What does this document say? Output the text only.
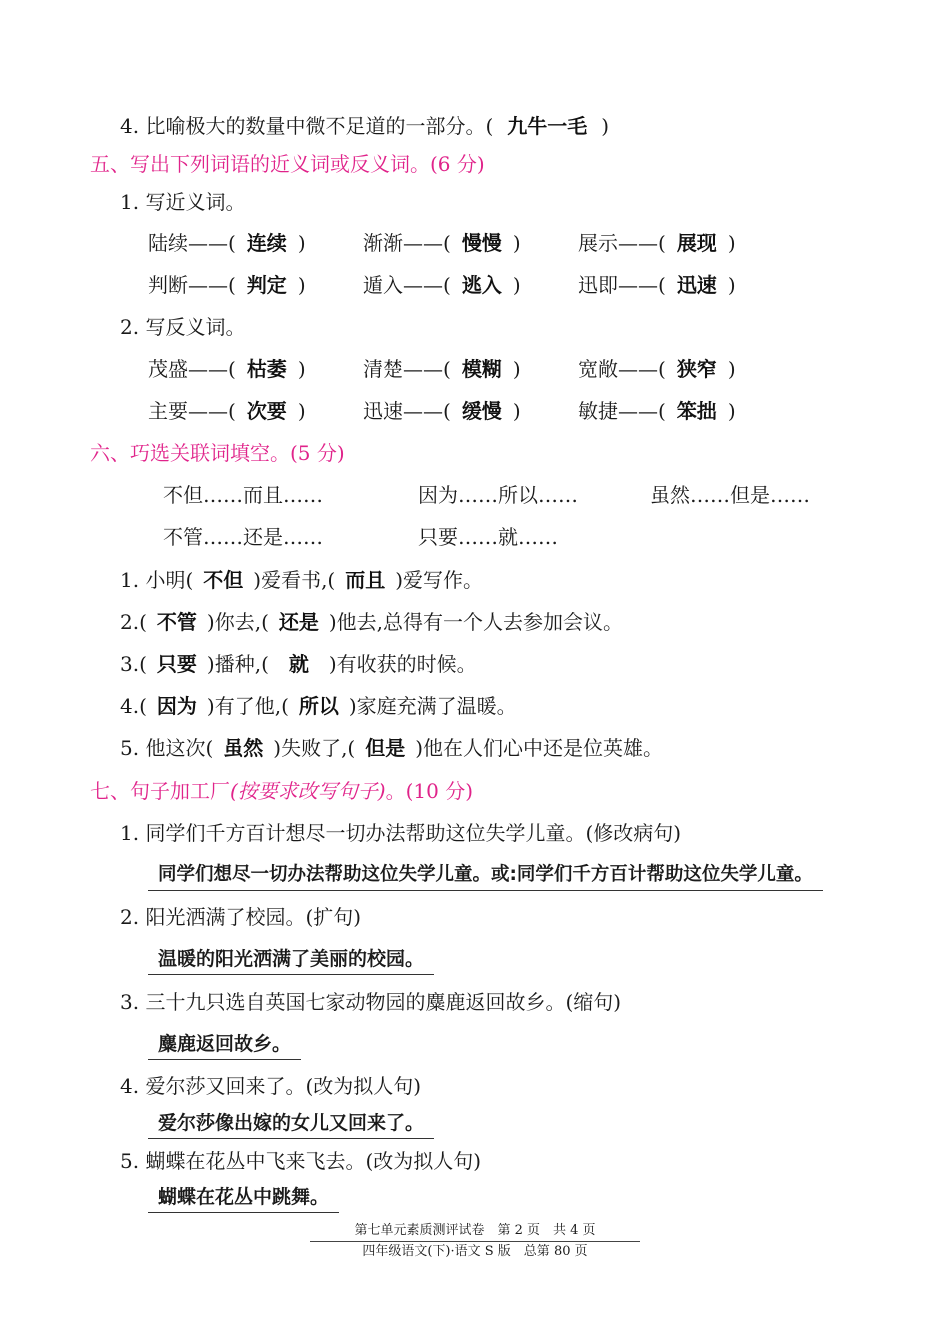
4. 比喻极大的数量中微不足道的一部分。( 九牛一毛 )
五、写出下列词语的近义词或反义词。(6 分)
1. 写近义词。
陆续——( 连续 )	渐渐——( 慢慢 )	展示——( 展现 )
判断——( 判定 )	遁入——( 逃入 )	迅即——( 迅速 )
2. 写反义词。
茂盛——( 枯萎 )	清楚——( 模糊 )	宽敞——( 狭窄 )
主要——( 次要 )	迅速——( 缓慢 )	敏捷——( 笨拙 )
六、巧选关联词填空。(5 分)
不但……而且……	因为……所以……	虽然……但是……
不管……还是……	只要……就……
1. 小明( 不但 )爱看书,( 而且 )爱写作。
2.( 不管 )你去,( 还是 )他去,总得有一个人去参加会议。
3.( 只要 )播种,( 就 )有收获的时候。
4.( 因为 )有了他,( 所以 )家庭充满了温暖。
5. 他这次( 虽然 )失败了,( 但是 )他在人们心中还是位英雄。
七、句子加工厂(按要求改写句子)。(10 分)
1. 同学们千方百计想尽一切办法帮助这位失学儿童。(修改病句)
同学们想尽一切办法帮助这位失学儿童。或:同学们千方百计帮助这位失学儿童。
2. 阳光洒满了校园。(扩句)
温暖的阳光洒满了美丽的校园。
3. 三十九只选自英国七家动物园的麋鹿返回故乡。(缩句)
麋鹿返回故乡。
4. 爱尔莎又回来了。(改为拟人句)
爱尔莎像出嫁的女儿又回来了。
5. 蝴蝶在花丛中飞来飞去。(改为拟人句)
蝴蝶在花丛中跳舞。
第七单元素质测评试卷　第 2 页　共 4 页
四年级语文(下)·语文 S 版　总第 80 页
